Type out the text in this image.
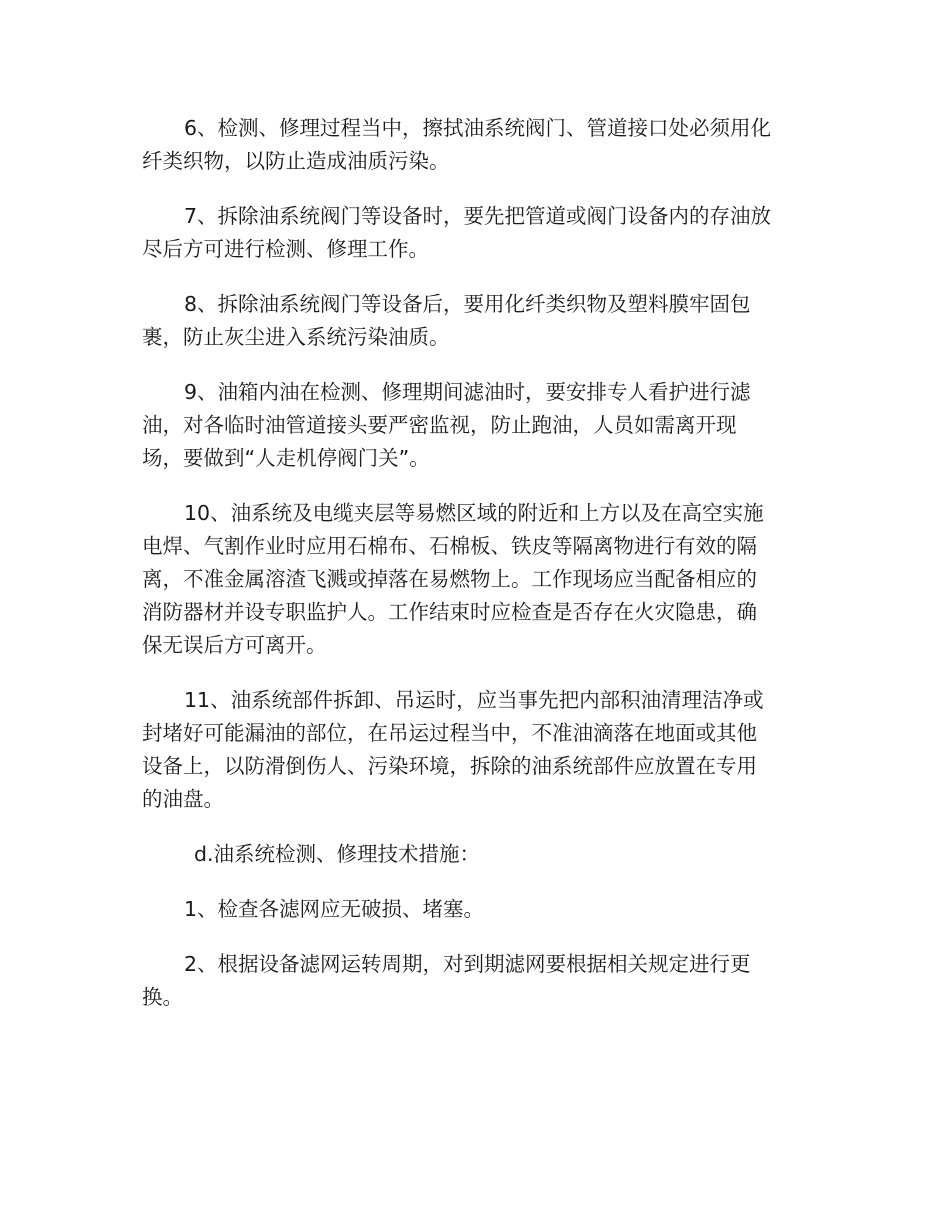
6、检测、修理过程当中，擦拭油系统阀门、管道接口处必须用化
纤类织物，以防止造成油质污染。

7、拆除油系统阀门等设备时，要先把管道或阀门设备内的存油放
尽后方可进行检测、修理工作。

8、拆除油系统阀门等设备后，要用化纤类织物及塑料膜牢固包
裹，防止灰尘进入系统污染油质。

9、油箱内油在检测、修理期间滤油时，要安排专人看护进行滤
油，对各临时油管道接头要严密监视，防止跑油，人员如需离开现
场，要做到“人走机停阀门关”。

10、油系统及电缆夹层等易燃区域的附近和上方以及在高空实施
电焊、气割作业时应用石棉布、石棉板、铁皮等隔离物进行有效的隔
离，不准金属溶渣飞溅或掉落在易燃物上。工作现场应当配备相应的
消防器材并设专职监护人。工作结束时应检查是否存在火灾隐患，确
保无误后方可离开。

11、油系统部件拆卸、吊运时，应当事先把内部积油清理洁净或
封堵好可能漏油的部位，在吊运过程当中，不准油滴落在地面或其他
设备上，以防滑倒伤人、污染环境，拆除的油系统部件应放置在专用
的油盘。

d.油系统检测、修理技术措施：

1、检查各滤网应无破损、堵塞。

2、根据设备滤网运转周期，对到期滤网要根据相关规定进行更
换。
